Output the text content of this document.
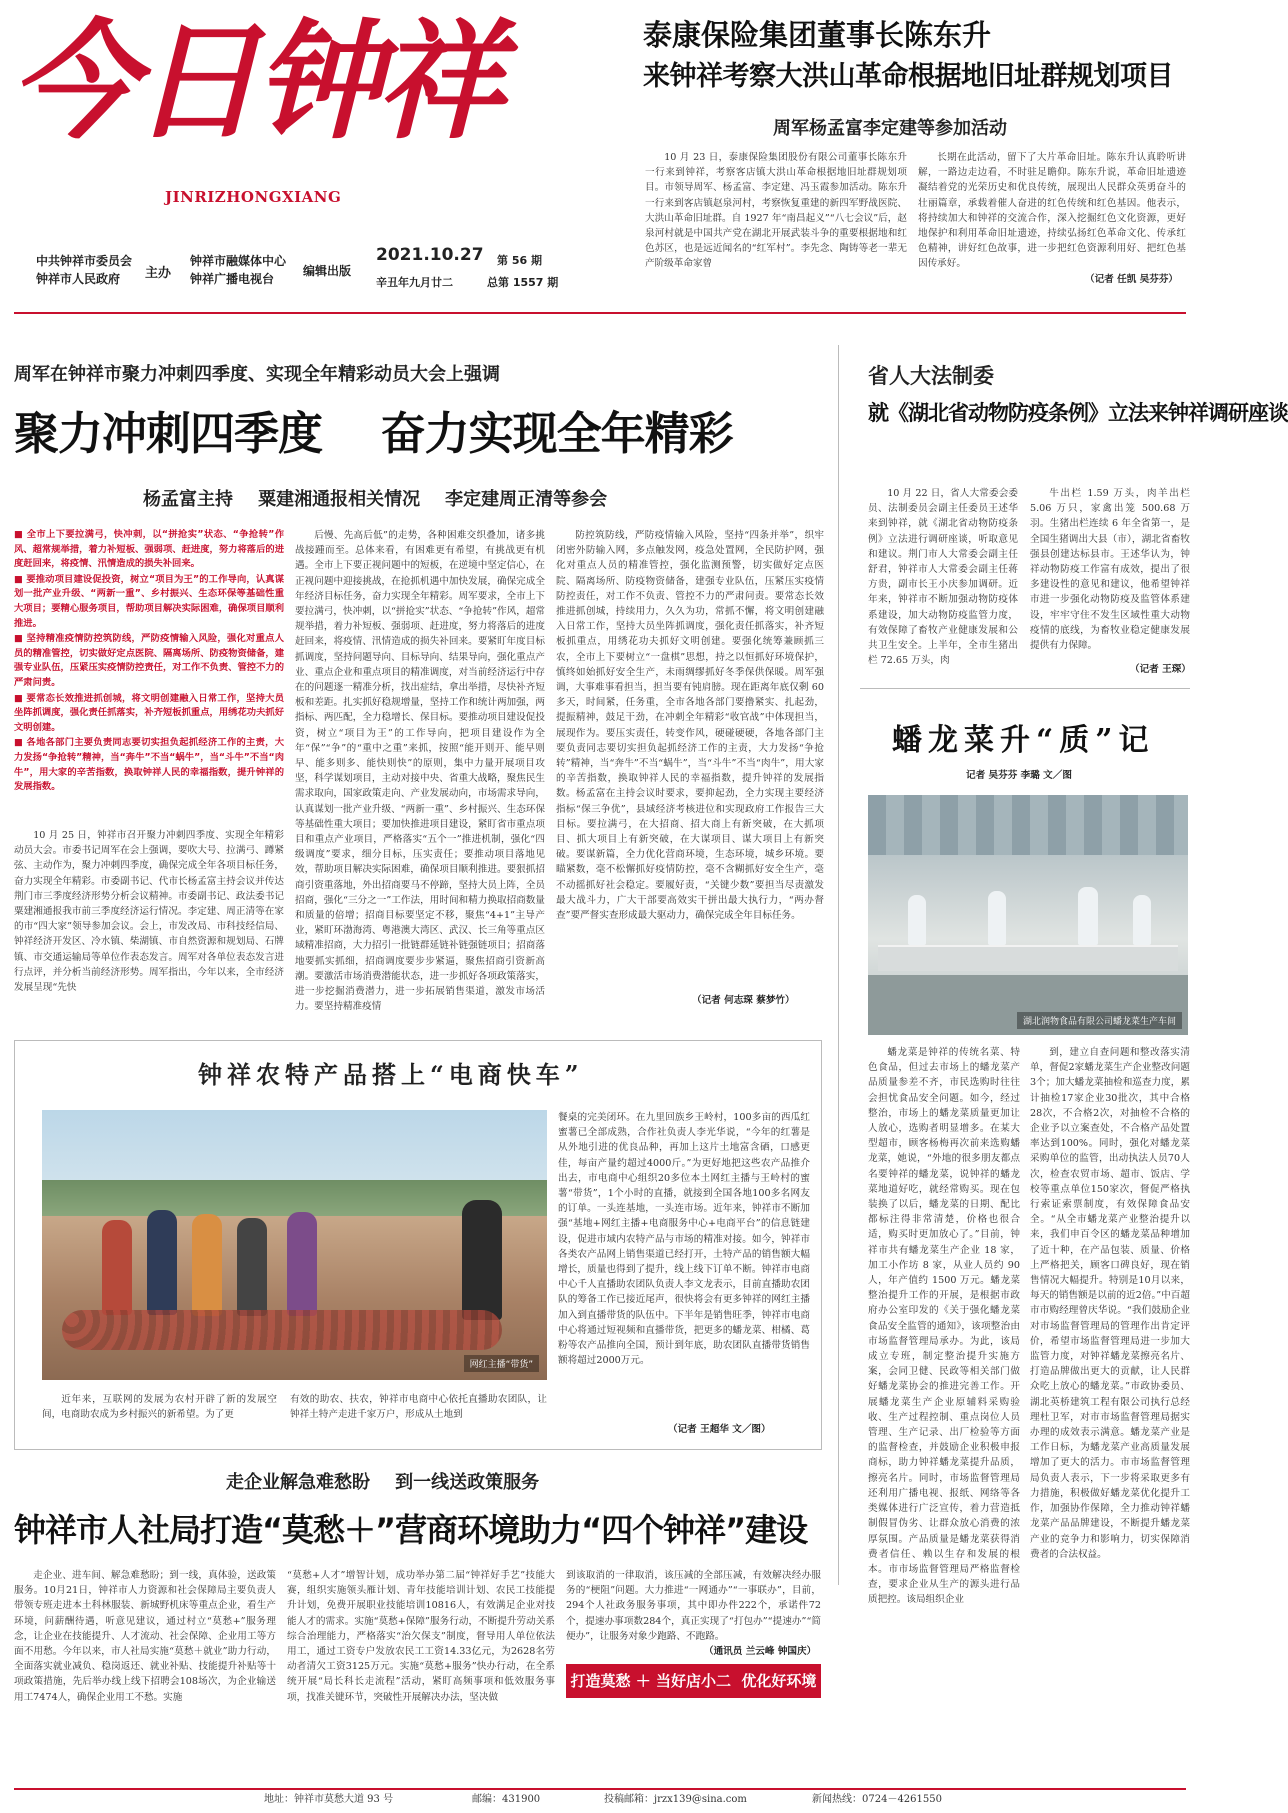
今日钟祥
JINRIZHONGXIANG
中共钟祥市委员会
钟祥市人民政府	主办
钟祥市融媒体中心
钟祥广播电视台
编辑出版
2021.10.27
辛丑年九月廿二
第 56 期
总第 1557 期
泰康保险集团董事长陈东升
来钟祥考察大洪山革命根据地旧址群规划项目
周军杨孟富李定建等参加活动

10 月 23 日，泰康保险集团股份有限公司董事长陈东升一行来到钟祥，考察客店镇大洪山革命根据地旧址群规划项目。市领导周军、杨孟富、李定建、冯玉霞参加活动。陈东升一行来到客店镇赵泉河村，考察恢复重建的新四军野战医院、大洪山革命旧址群。自 1927 年“南昌起义”“八七会议”后，赵泉河村就是中国共产党在湖北开展武装斗争的重要根据地和红色苏区，也是远近闻名的“红军村”。李先念、陶铸等老一辈无产阶级革命家曾

长期在此活动，留下了大片革命旧址。陈东升认真聆听讲解，一路边走边看，不时驻足瞻仰。陈东升说，革命旧址遗迹凝结着党的光荣历史和优良传统，展现出人民群众英勇奋斗的壮丽篇章，承载着催人奋进的红色传统和红色基因。他表示，将持续加大和钟祥的交流合作，深入挖掘红色文化资源，更好地保护和利用革命旧址遗迹，持续弘扬红色革命文化、传承红色精神，讲好红色故事，进一步把红色资源利用好、把红色基因传承好。

（记者 任凯 吴芬芬）
周军在钟祥市聚力冲刺四季度、实现全年精彩动员大会上强调
聚力冲刺四季度    奋力实现全年精彩
杨孟富主持    粟建湘通报相关情况    李定建周正清等参会

■ 全市上下要拉满弓，快冲刺，以“拼抢实”状态、“争抢转”作风、超常规举措，着力补短板、强弱项、赶进度，努力将落后的进度赶回来，将疫情、汛情造成的损失补回来。

■ 要推动项目建设促投资，树立“项目为王”的工作导向，认真谋划一批产业升级、“两新一重”、乡村振兴、生态环保等基础性重大项目；要精心服务项目，帮助项目解决实际困难，确保项目顺利推进。

■ 坚持精准疫情防控筑防线，严防疫情输入风险，强化对重点人员的精准管控，切实做好定点医院、隔离场所、防疫物资储备，建强专业队伍，压紧压实疫情防控责任，对工作不负责、管控不力的严肃问责。

■ 要常态长效推进抓创城，将文明创建融入日常工作，坚持大员坐阵抓调度，强化责任抓落实，补齐短板抓重点，用绣花功夫抓好文明创建。

■ 各地各部门主要负责同志要切实担负起抓经济工作的主责，大力发扬“争抢转”精神，当“奔牛”不当“蜗牛”，当“斗牛”不当“肉牛”，用大家的辛苦指数，换取钟祥人民的幸福指数，提升钟祥的发展指数。

10 月 25 日，钟祥市召开聚力冲刺四季度、实现全年精彩动员大会。市委书记周军在会上强调，要吹大号、拉满弓、蹲紧弦、主动作为，聚力冲刺四季度，确保完成全年各项目标任务，奋力实现全年精彩。市委副书记、代市长杨孟富主持会议并传达荆门市三季度经济形势分析会议精神。市委副书记、政法委书记粟建湘通报我市前三季度经济运行情况。李定建、周正清等在家的市“四大家”领导参加会议。会上，市发改局、市科技经信局、钟祥经济开发区、冷水镇、柴湖镇、市自然资源和规划局、石牌镇、市交通运输局等单位作表态发言。周军对各单位表态发言进行点评，并分析当前经济形势。周军指出，今年以来，全市经济发展呈现“先快

后慢、先高后低”的走势，各种困难交织叠加，诸多挑战接踵而至。总体来看，有困难更有希望，有挑战更有机遇。全市上下要正视问题中的短板，在逆境中坚定信心，在正视问题中迎接挑战，在抢抓机遇中加快发展，确保完成全年经济目标任务，奋力实现全年精彩。周军要求，全市上下要拉满弓，快冲刺，以“拼抢实”状态、“争抢转”作风，超常规举措，着力补短板、强弱项、赶进度，努力将落后的进度赶回来，将疫情、汛情造成的损失补回来。要紧盯年度目标抓调度，坚持问题导向、目标导向、结果导向，强化重点产业、重点企业和重点项目的精准调度，对当前经济运行中存在的问题逐一精准分析，找出症结，拿出举措，尽快补齐短板和差距。扎实抓好稳规增量，坚持工作和统计两加强，两指标、两匹配，全力稳增长、保目标。要推动项目建设促投资，树立“项目为王”的工作导向，把项目建设作为全年“保”“争”的“重中之重”来抓，按照“能开则开、能早则早、能多则多、能快则快”的原则，集中力量开展项目攻坚，科学谋划项目，主动对接中央、省重大战略，聚焦民生需求取向，国家政策走向、产业发展动向，市场需求导向，认真谋划一批产业升级、“两新一重”、乡村振兴、生态环保等基础性重大项目；要加快推进项目建设，紧盯省市重点项目和重点产业项目，严格落实“五个一”推进机制，强化“四级调度”要求，细分目标，压实责任；要推动项目落地见效，帮助项目解决实际困难，确保项目顺利推进。要狠抓招商引资重落地，外出招商要马不停蹄，坚持大员上阵，全员招商，强化“三分之一”工作法，用时间和精力换取招商数量和质量的倍增；招商目标要坚定不移，聚焦“4+1”主导产业，紧盯环渤海湾、粤港澳大湾区、武汉、长三角等重点区域精准招商，大力招引一批链群延链补链强链项目；招商落地要抓实抓细，招商调度要步步紧逼，聚焦招商引资新高潮。要激活市场消费潜能状态，进一步抓好各项政策落实，进一步挖掘消费潜力，进一步拓展销售渠道，激发市场活力。要坚持精准疫情

防控筑防线，严防疫情输入风险，坚持“四条并举”，织牢闭密外防输入网，多点触发网，疫急处置网，全民防护网，强化对重点人员的精准管控，强化监测预警，切实做好定点医院、隔离场所、防疫物资储备，建强专业队伍，压紧压实疫情防控责任，对工作不负责、管控不力的严肃问责。要常态长效推进抓创城，持续用力，久久为功，常抓不懈，将文明创建融入日常工作，坚持大员坐阵抓调度，强化责任抓落实，补齐短板抓重点，用绣花功夫抓好文明创建。要强化统筹兼顾抓三农，全市上下要树立“一盘棋”思想，持之以恒抓好环境保护，慎终如始抓好安全生产，未雨绸缪抓好冬季保供保暖。周军强调，大事难事看担当，担当要有钝肩膀。现在距离年底仅剩 60 多天，时间紧，任务重，全市各地各部门要撸紧实、扎起劲，提振精神，鼓足干劲，在冲刺全年精彩“收官战”中体现担当，展现作为。要压实责任，转变作风，硬碰硬硬，各地各部门主要负责同志要切实担负起抓经济工作的主责，大力发扬“争抢转”精神，当“奔牛”不当“蜗牛”，当“斗牛”不当“肉牛”，用大家的辛苦指数，换取钟祥人民的幸福指数，提升钟祥的发展指数。杨孟富在主持会议时要求，要抑起劲，全力实现主要经济指标“保三争优”，县域经济考核进位和实现政府工作报告三大目标。要拉满弓，在大招商、招大商上有新突破，在大抓项目、抓大项目上有新突破，在大谋项目、谋大项目上有新突破。要谋新篇，全力优化营商环境，生态环境，城乡环境。要瞄紧数，毫不松懈抓好疫情防控，毫不含糊抓好安全生产，毫不动摇抓好社会稳定。要履好责，“关键少数”要担当尽责激发最大战斗力，广大干部要高效实干拼出最大执行力，“两办督查”要严督实查形成最大驱动力，确保完成全年目标任务。

（记者 何志琛 蔡梦竹）
省人大法制委
就《湖北省动物防疫条例》立法来钟祥调研座谈

10 月 22 日，省人大常委会委员、法制委员会副主任委员王述华来到钟祥，就《湖北省动物防疫条例》立法进行调研座谈，听取意见和建议。荆门市人大常委会副主任舒君，钟祥市人大常委会副主任蒋方贵，副市长王小庆参加调研。近年来，钟祥市不断加强动物防疫体系建设，加大动物防疫监管力度，有效保障了畜牧产业健康发展和公共卫生安全。上半年，全市生猪出栏 72.65 万头，肉

牛出栏 1.59 万头，肉羊出栏 5.06 万只，家禽出笼 500.68 万羽。生猪出栏连续 6 年全省第一，是全国生猪调出大县（市），湖北省畜牧强县创建达标县市。王述华认为，钟祥动物防疫工作富有成效，提出了很多建设性的意见和建议，他希望钟祥市进一步强化动物防疫及监管体系建设，牢牢守住不发生区域性重大动物疫情的底线，为畜牧业稳定健康发展提供有力保障。

（记者 王琛）
蟠龙菜升“质”记
记者 吴芬芬 李璐 文／图
湖北润物食品有限公司蟠龙菜生产车间

蟠龙菜是钟祥的传统名菜、特色食品，但过去市场上的蟠龙菜产品质量参差不齐，市民选购时往往会担忧食品安全问题。如今，经过整治，市场上的蟠龙菜质量更加让人放心，选购者明显增多。在某大型超市，顾客杨梅再次前来选购蟠龙菜，她说，“外地的很多朋友都点名要钟祥的蟠龙菜，说钟祥的蟠龙菜地道好吃，就经常购买。现在包装换了以后，蟠龙菜的日期、配比都标注得非常清楚，价格也很合适，购买时更加放心了。”目前，钟祥市共有蟠龙菜生产企业 18 家，加工小作坊 8 家，从业人员约 90 人，年产值约 1500 万元。蟠龙菜整治提升工作的开展，是根据市政府办公室印发的《关于强化蟠龙菜食品安全监管的通知》，该项整治由市场监督管理局承办。为此，该局成立专班，制定整治提升实施方案，会同卫健、民政等相关部门做好蟠龙菜协会的推进完善工作。开展蟠龙菜生产企业原辅料采购验收、生产过程控制、重点岗位人员管理、生产记录、出厂检验等方面的监督检查，并鼓励企业积极申报商标，助力钟祥蟠龙菜提升品质，擦亮名片。同时，市场监督管理局还利用广播电视、报纸、网络等各类媒体进行广泛宣传，着力营造抵制假冒伪劣、让群众放心消费的浓厚氛围。产品质量是蟠龙菜获得消费者信任、赖以生存和发展的根本。市市场监督管理局严格监督检查，要求企业从生产的源头进行品质把控。该局组织企业

到，建立自查问题和整改落实清单，督促2家蟠龙菜生产企业整改问题3个；加大蟠龙菜抽检和巡查力度，累计抽检17家企业30批次，其中合格28次，不合格2次，对抽检不合格的企业予以立案查处，不合格产品处置率达到100%。同时，强化对蟠龙菜采购单位的监管，出动执法人员70人次，检查农贸市场、超市、饭店、学校等重点单位150家次，督促严格执行索证索票制度，有效保障食品安全。“从全市蟠龙菜产业整治提升以来，我们申百令区的蟠龙菜品种增加了近十种，在产品包装、质量、价格上严格把关，顾客口碑良好，现在销售情况大幅提升。特别是10月以来，每天的销售额是以前的近2倍。”中百超市市购经理曾庆华说。“我们鼓励企业对市场监督管理局的管理作出肯定评价，希望市场监督管理局进一步加大监管力度，对钟祥蟠龙菜擦亮名片、打造品牌做出更大的贡献，让人民群众吃上放心的蟠龙菜。”市政协委员、湖北英桥建筑工程有限公司执行总经理杜卫军，对市市场监督管理局据实办理的成效表示满意。蟠龙菜产业是工作日标，为蟠龙菜产业高质量发展增加了更大的活力。市市场监督管理局负责人表示，下一步将采取更多有力措施，积极做好蟠龙菜优化提升工作，加强协作保障，全力推动钟祥蟠龙菜产品品牌建设，不断提升蟠龙菜产业的竞争力和影响力，切实保障消费者的合法权益。

钟祥农特产品搭上“电商快车”
网红主播“带货”

近年来，互联网的发展为农村开辟了新的发展空间，电商助农成为乡村振兴的新希望。为了更

有效的助农、扶农，钟祥市电商中心依托直播助农团队，让钟祥土特产走进千家万户，形成从土地到

餐桌的完美闭环。在九里回族乡王岭村，100多亩的西瓜红蜜薯已全部成熟，合作社负责人李光华说，“今年的红薯是从外地引进的优良品种，再加上这片土地富含硒，口感更佳，每亩产量约超过4000斤。”为更好地把这些农产品推介出去，市电商中心组织20多位本土网红主播与王岭村的蜜薯“带货”，1个小时的直播，就接到全国各地100多名网友的订单。一头连基地，一头连市场。近年来，钟祥市不断加强“基地+网红主播+电商服务中心+电商平台”的信息链建设，促进市域内农特产品与市场的精准对接。如今，钟祥市各类农产品网上销售渠道已经打开，土特产品的销售额大幅增长，质量也得到了提升，线上线下订单不断。钟祥市电商中心千人直播助农团队负责人李文龙表示，目前直播助农团队的筹备工作已接近尾声，很快将会有更多钟祥的网红主播加入到直播带货的队伍中。下半年是销售旺季，钟祥市电商中心将通过短视频和直播带货，把更多的蟠龙菜、柑橘、葛粉等农产品推向全国，预计到年底，助农团队直播带货销售额将超过2000万元。

（记者 王超华 文／图）
走企业解急难愁盼    到一线送政策服务
钟祥市人社局打造“莫愁＋”营商环境助力“四个钟祥”建设

走企业、进车间、解急难愁盼；到一线，真体验，送政策服务。10月21日，钟祥市人力资源和社会保障局主要负责人带领专班走进本土科林服装、新城野机床等重点企业，看生产环境，问薪酬待遇，听意见建议，通过村立“莫愁+”服务理念，让企业在技能提升、人才流动、社会保障、企业用工等方面不用愁。今年以来，市人社局实施“莫愁＋就业”助力行动，全面落实就业减负、稳岗返还、就业补贴、技能提升补贴等十项政策措施，先后举办线上线下招聘会108场次，为企业输送用工7474人，确保企业用工不愁。实施

“莫愁+人才”增智计划，成功举办第二届“钟祥好手艺”技能大赛，组织实施领头雁计划、青年技能培训计划、农民工技能提升计划，免费开展职业技能培训10816人，有效满足企业对技能人才的需求。实施“莫愁+保障”服务行动，不断提升劳动关系综合治理能力，严格落实“治欠保支”制度，督导用人单位依法用工，通过工资专户发放农民工工资14.33亿元，为2628名劳动者清欠工资3125万元。实施“莫愁+服务”快办行动，在全系统开展“局长科长走流程”活动，紧盯高频事项和低效服务事项，找准关键环节，突破性开展解决办法，坚决做

到该取消的一律取消，该压减的全部压减，有效解决经办服务的“梗阻”问题。大力推进“一网通办”“一事联办”，目前，294个人社政务服务事项，其中即办件222个，承诺件72个，提速办事项数284个，真正实现了“打包办”“提速办”“简便办”，让服务对象少跑路、不跑路。

（通讯员 兰云峰 钟国庆）
打造莫愁 ＋ 当好店小二  优化好环境
地址：钟祥市莫愁大道 93 号	邮编：431900	投稿邮箱：jrzx139@sina.com	新闻热线：0724－4261550
